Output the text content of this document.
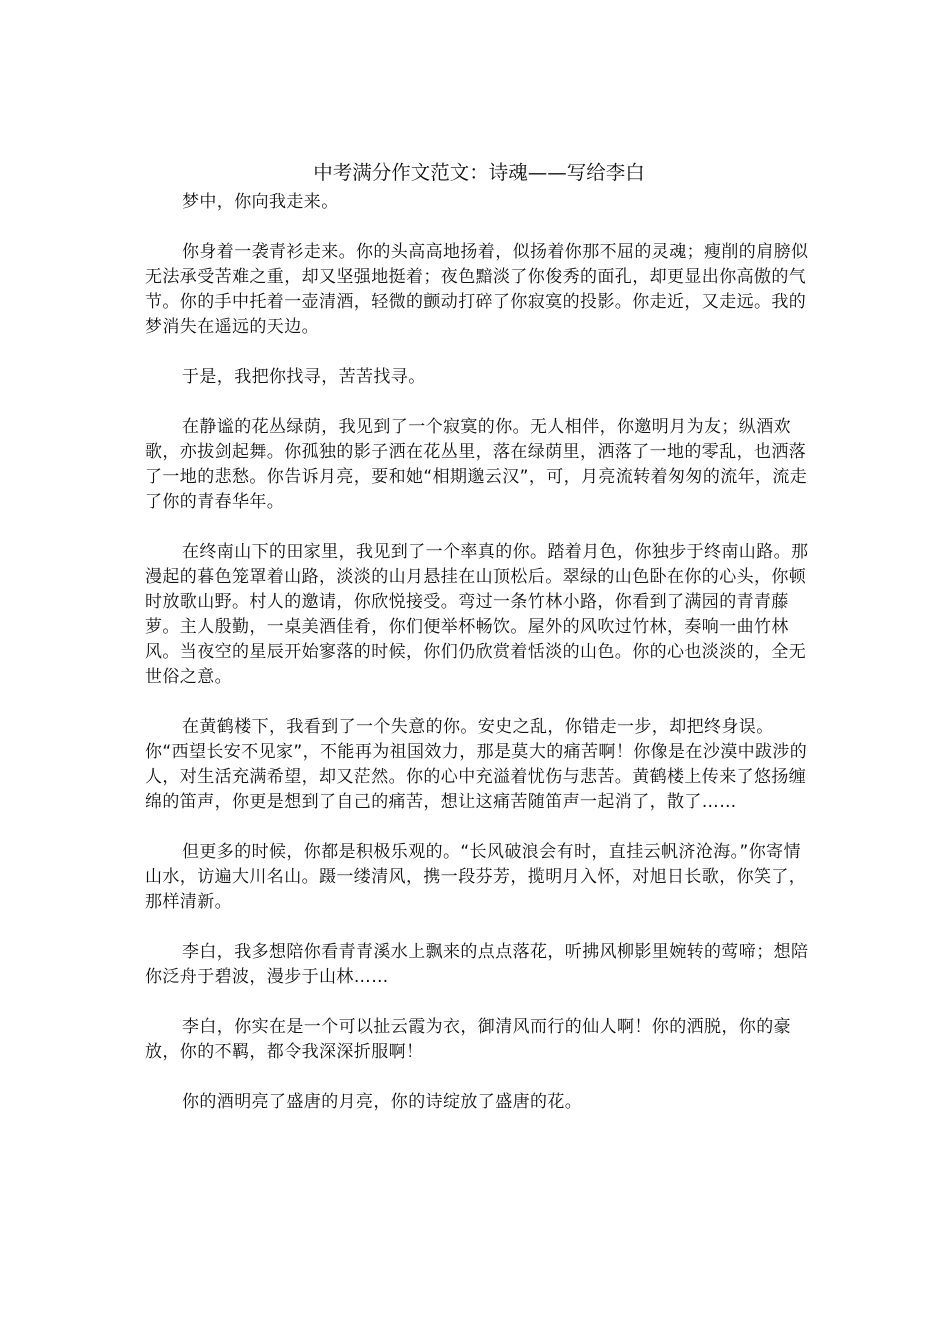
中考满分作文范文：诗魂——写给李白

梦中，你向我走来。

你身着一袭青衫走来。你的头高高地扬着，似扬着你那不屈的灵魂；瘦削的肩膀似无法承受苦难之重，却又坚强地挺着；夜色黯淡了你俊秀的面孔，却更显出你高傲的气节。你的手中托着一壶清酒，轻微的颤动打碎了你寂寞的投影。你走近，又走远。我的梦消失在遥远的天边。

于是，我把你找寻，苦苦找寻。

在静谧的花丛绿荫，我见到了一个寂寞的你。无人相伴，你邀明月为友；纵酒欢歌，亦拔剑起舞。你孤独的影子洒在花丛里，落在绿荫里，洒落了一地的零乱，也洒落了一地的悲愁。你告诉月亮，要和她“相期邈云汉”，可，月亮流转着匆匆的流年，流走了你的青春华年。

在终南山下的田家里，我见到了一个率真的你。踏着月色，你独步于终南山路。那漫起的暮色笼罩着山路，淡淡的山月悬挂在山顶松后。翠绿的山色卧在你的心头，你顿时放歌山野。村人的邀请，你欣悦接受。弯过一条竹林小路，你看到了满园的青青藤萝。主人殷勤，一桌美酒佳肴，你们便举杯畅饮。屋外的风吹过竹林，奏响一曲竹林风。当夜空的星辰开始寥落的时候，你们仍欣赏着恬淡的山色。你的心也淡淡的，全无世俗之意。

在黄鹤楼下，我看到了一个失意的你。安史之乱，你错走一步，却把终身误。你“西望长安不见家”，不能再为祖国效力，那是莫大的痛苦啊！你像是在沙漠中跋涉的人，对生活充满希望，却又茫然。你的心中充溢着忧伤与悲苦。黄鹤楼上传来了悠扬缠绵的笛声，你更是想到了自己的痛苦，想让这痛苦随笛声一起消了，散了……

但更多的时候，你都是积极乐观的。“长风破浪会有时，直挂云帆济沧海。”你寄情山水，访遍大川名山。蹑一缕清风，携一段芬芳，揽明月入怀，对旭日长歌，你笑了，那样清新。

李白，我多想陪你看青青溪水上飘来的点点落花，听拂风柳影里婉转的莺啼；想陪你泛舟于碧波，漫步于山林……

李白，你实在是一个可以扯云霞为衣，御清风而行的仙人啊！你的洒脱，你的豪放，你的不羁，都令我深深折服啊！

你的酒明亮了盛唐的月亮，你的诗绽放了盛唐的花。
